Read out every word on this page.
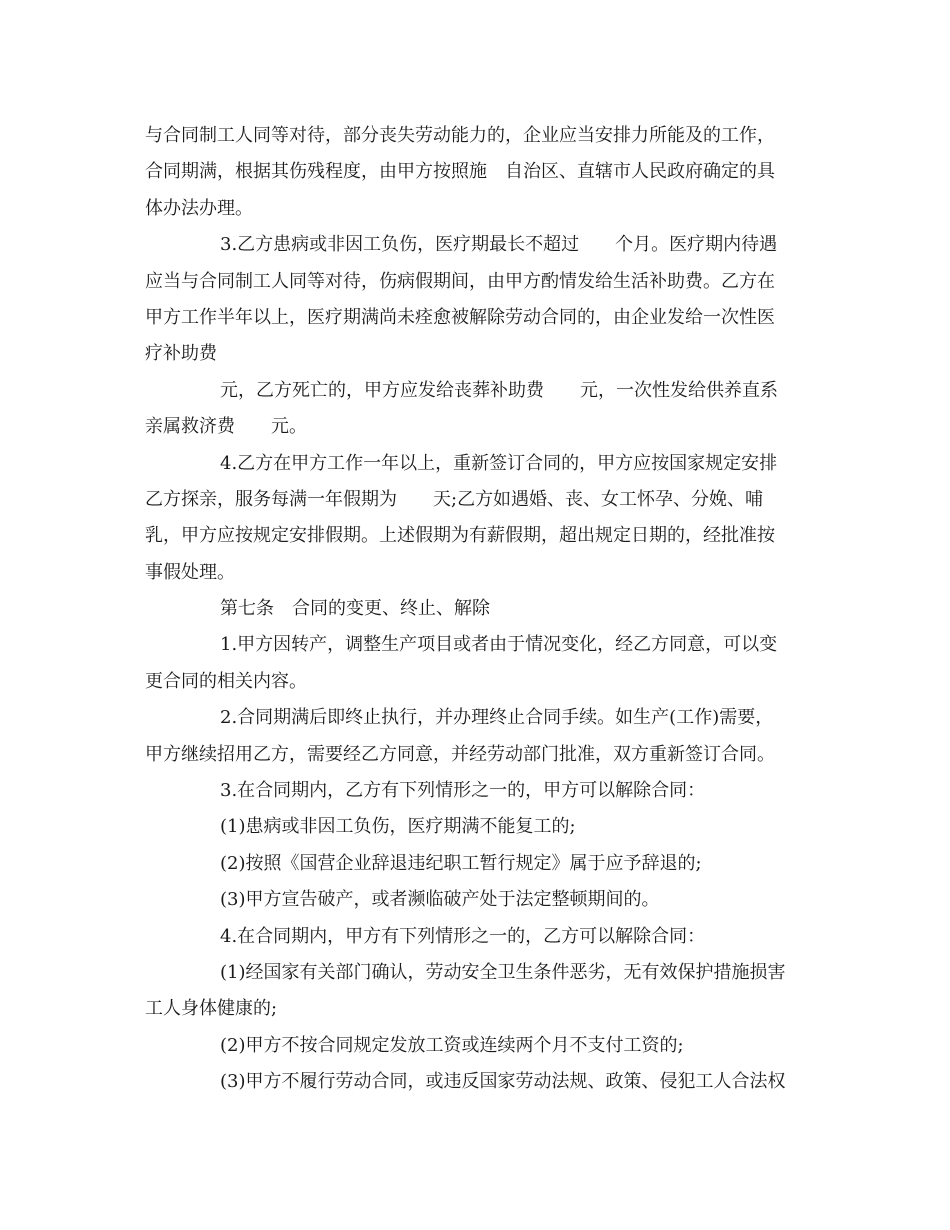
与合同制工人同等对待，部分丧失劳动能力的，企业应当安排力所能及的工作，
合同期满，根据其伤残程度，由甲方按照施　自治区、直辖市人民政府确定的具
体办法办理。
3.乙方患病或非因工负伤，医疗期最长不超过　　个月。医疗期内待遇
应当与合同制工人同等对待，伤病假期间，由甲方酌情发给生活补助费。乙方在
甲方工作半年以上，医疗期满尚未痊愈被解除劳动合同的，由企业发给一次性医
疗补助费
元，乙方死亡的，甲方应发给丧葬补助费　　元，一次性发给供养直系
亲属救济费　　元。
4.乙方在甲方工作一年以上，重新签订合同的，甲方应按国家规定安排
乙方探亲，服务每满一年假期为　　天;乙方如遇婚、丧、女工怀孕、分娩、哺
乳，甲方应按规定安排假期。上述假期为有薪假期，超出规定日期的，经批准按
事假处理。
第七条　合同的变更、终止、解除
1.甲方因转产，调整生产项目或者由于情况变化，经乙方同意，可以变
更合同的相关内容。
2.合同期满后即终止执行，并办理终止合同手续。如生产(工作)需要，
甲方继续招用乙方，需要经乙方同意，并经劳动部门批准，双方重新签订合同。
3.在合同期内，乙方有下列情形之一的，甲方可以解除合同：
(1)患病或非因工负伤，医疗期满不能复工的;
(2)按照《国营企业辞退违纪职工暂行规定》属于应予辞退的;
(3)甲方宣告破产，或者濒临破产处于法定整顿期间的。
4.在合同期内，甲方有下列情形之一的，乙方可以解除合同：
(1)经国家有关部门确认，劳动安全卫生条件恶劣，无有效保护措施损害
工人身体健康的;
(2)甲方不按合同规定发放工资或连续两个月不支付工资的;
(3)甲方不履行劳动合同，或违反国家劳动法规、政策、侵犯工人合法权
